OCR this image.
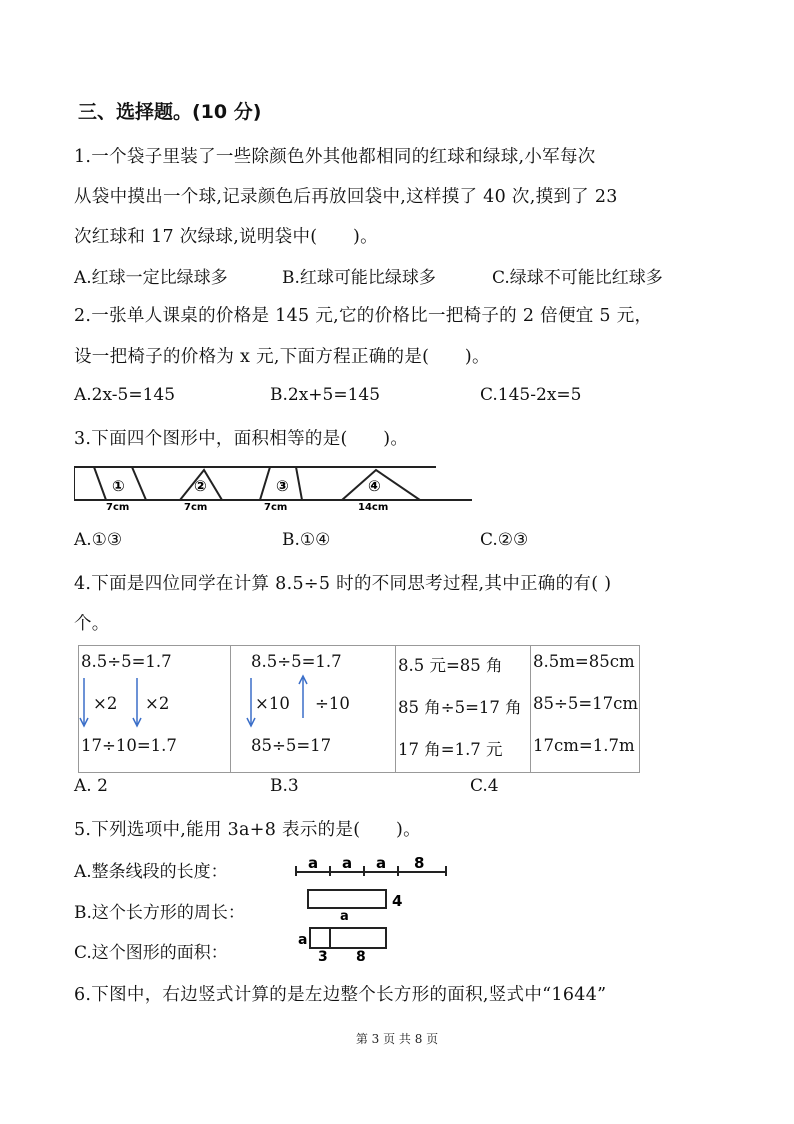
三、选择题。(10 分)
1.一个袋子里装了一些除颜色外其他都相同的红球和绿球,小军每次
从袋中摸出一个球,记录颜色后再放回袋中,这样摸了 40 次,摸到了 23
次红球和 17 次绿球,说明袋中(　　)。
A.红球一定比绿球多	B.红球可能比绿球多	C.绿球不可能比红球多
2.一张单人课桌的价格是 145 元,它的价格比一把椅子的 2 倍便宜 5 元，
设一把椅子的价格为 x 元,下面方程正确的是(　　)。
A.2x-5=145	B.2x+5=145	C.145-2x=5
3.下面四个图形中，面积相等的是(　　)。
①	②	③	④
7cm	7cm	7cm	14cm
A.①③	B.①④	C.②③
4.下面是四位同学在计算 8.5÷5 时的不同思考过程,其中正确的有( )
个。
8.5÷5=1.7
×2 ×2
17÷10=1.7

8.5÷5=1.7
×10 ÷10
85÷5=17

8.5 元=85 角
85 角÷5=17 角
17 角=1.7 元

8.5m=85cm
85÷5=17cm
17cm=1.7m
A. 2	B.3	C.4
5.下列选项中,能用 3a+8 表示的是(　　)。
A.整条线段的长度：	a a a 8
B.这个长方形的周长：
4
a
C.这个图形的面积：
a
3 8
6.下图中，右边竖式计算的是左边整个长方形的面积,竖式中“1644”
第 3 页 共 8 页
